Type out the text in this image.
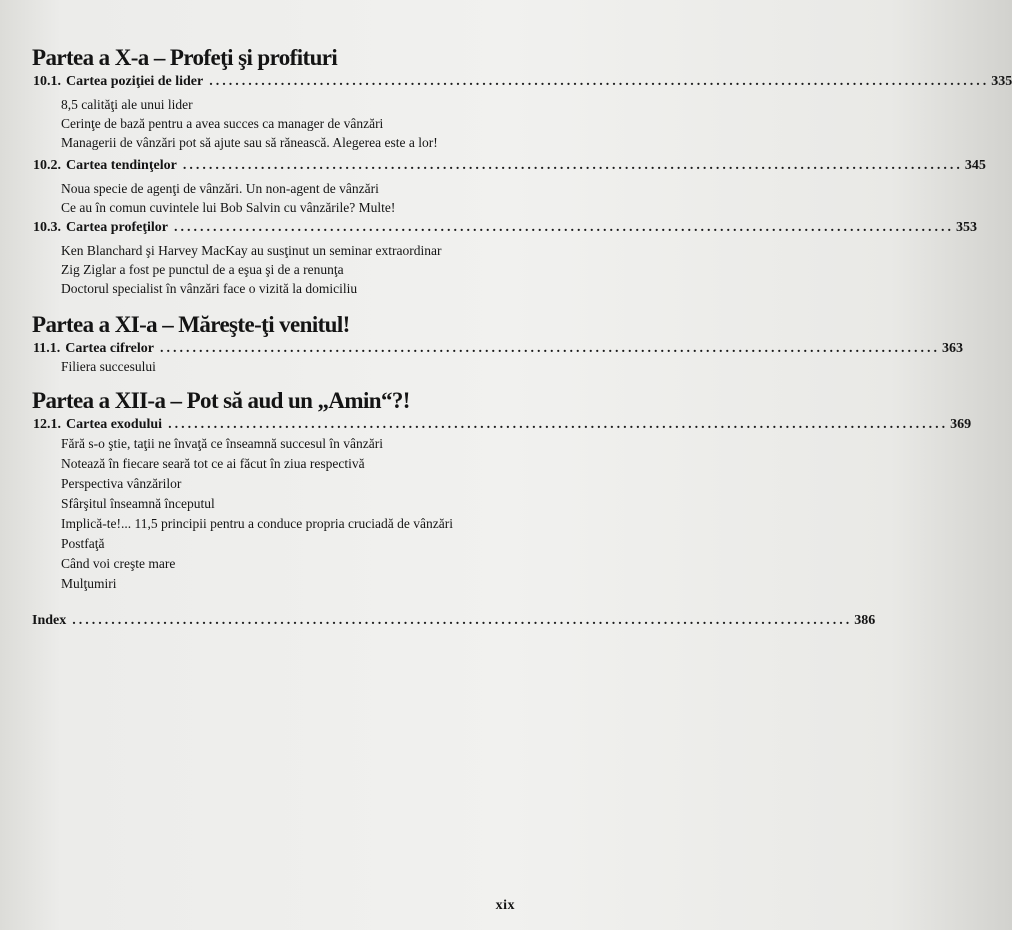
Partea a X-a – Profeţi şi profituri
10.1. Cartea poziţiei de lider ........................................................................................................................ 335
8,5 calităţi ale unui lider
Cerinţe de bază pentru a avea succes ca manager de vânzări
Managerii de vânzări pot să ajute sau să rănească. Alegerea este a lor!
10.2. Cartea tendinţelor ........................................................................................................................ 345
Noua specie de agenţi de vânzări. Un non-agent de vânzări
Ce au în comun cuvintele lui Bob Salvin cu vânzările? Multe!
10.3. Cartea profeţilor ........................................................................................................................ 353
Ken Blanchard şi Harvey MacKay au susţinut un seminar extraordinar
Zig Ziglar a fost pe punctul de a eşua şi de a renunţa
Doctorul specialist în vânzări face o vizită la domiciliu
Partea a XI-a – Măreşte-ţi venitul!
11.1. Cartea cifrelor ........................................................................................................................ 363
Filiera succesului
Partea a XII-a – Pot să aud un „Amin“?!
12.1. Cartea exodului ........................................................................................................................ 369
Fără s-o ştie, taţii ne învaţă ce înseamnă succesul în vânzări
Notează în fiecare seară tot ce ai făcut în ziua respectivă
Perspectiva vânzărilor
Sfârşitul înseamnă începutul
Implică-te!... 11,5 principii pentru a conduce propria cruciadă de vânzări
Postfaţă
Când voi creşte mare
Mulţumiri
Index ........................................................................................................................ 386
xix
